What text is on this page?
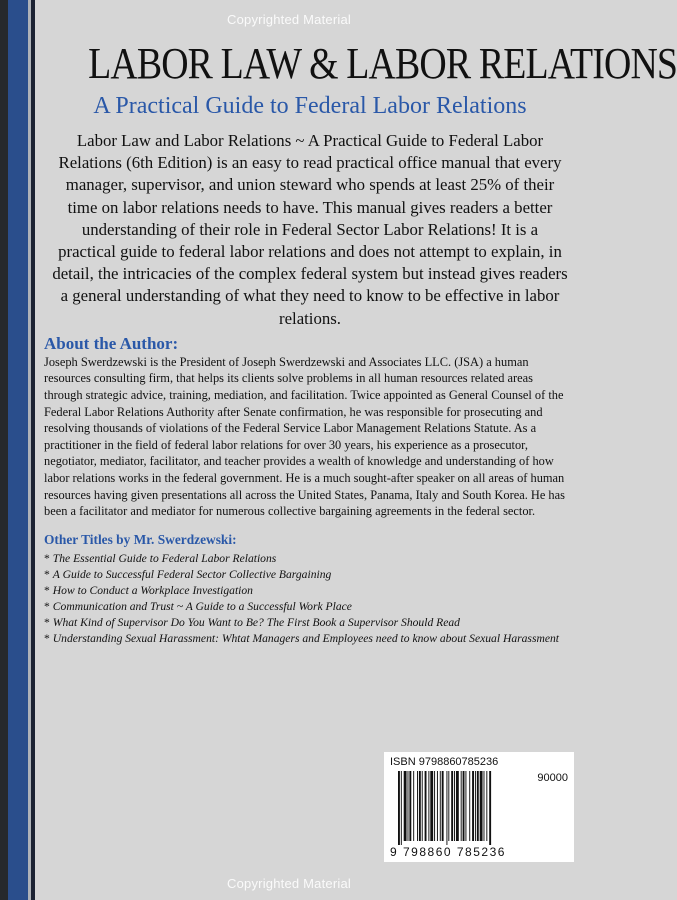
Copyrighted Material
LABOR LAW & LABOR RELATIONS
A Practical Guide to Federal Labor Relations

Labor Law and Labor Relations ~ A Practical Guide to Federal Labor Relations (6th Edition) is an easy to read practical office manual that every manager, supervisor, and union steward who spends at least 25% of their time on labor relations needs to have. This manual gives readers a better understanding of their role in Federal Sector Labor Relations! It is a practical guide to federal labor relations and does not attempt to explain, in detail, the intricacies of the complex federal system but instead gives readers a general understanding of what they need to know to be effective in labor relations.

About the Author:

Joseph Swerdzewski is the President of Joseph Swerdzewski and Associates LLC. (JSA) a human resources consulting firm, that helps its clients solve problems in all human resources related areas through strategic advice, training, mediation, and facilitation. Twice appointed as General Counsel of the Federal Labor Relations Authority after Senate confirmation, he was responsible for prosecuting and resolving thousands of violations of the Federal Service Labor Management Relations Statute. As a practitioner in the field of federal labor relations for over 30 years, his experience as a prosecutor, negotiator, mediator, facilitator, and teacher provides a wealth of knowledge and understanding of how labor relations works in the federal government. He is a much sought-after speaker on all areas of human resources having given presentations all across the United States, Panama, Italy and South Korea. He has been a facilitator and mediator for numerous collective bargaining agreements in the federal sector.

Other Titles by Mr. Swerdzewski:
* The Essential Guide to Federal Labor Relations
* A Guide to Successful Federal Sector Collective Bargaining
* How to Conduct a Workplace Investigation
* Communication and Trust ~ A Guide to a Successful Work Place
* What Kind of Supervisor Do You Want to Be? The First Book a Supervisor Should Read
* Understanding Sexual Harassment: Whtat Managers and Employees need to know about Sexual Harassment
ISBN 9798860785236
90000
9 798860 785236
Copyrighted Material
